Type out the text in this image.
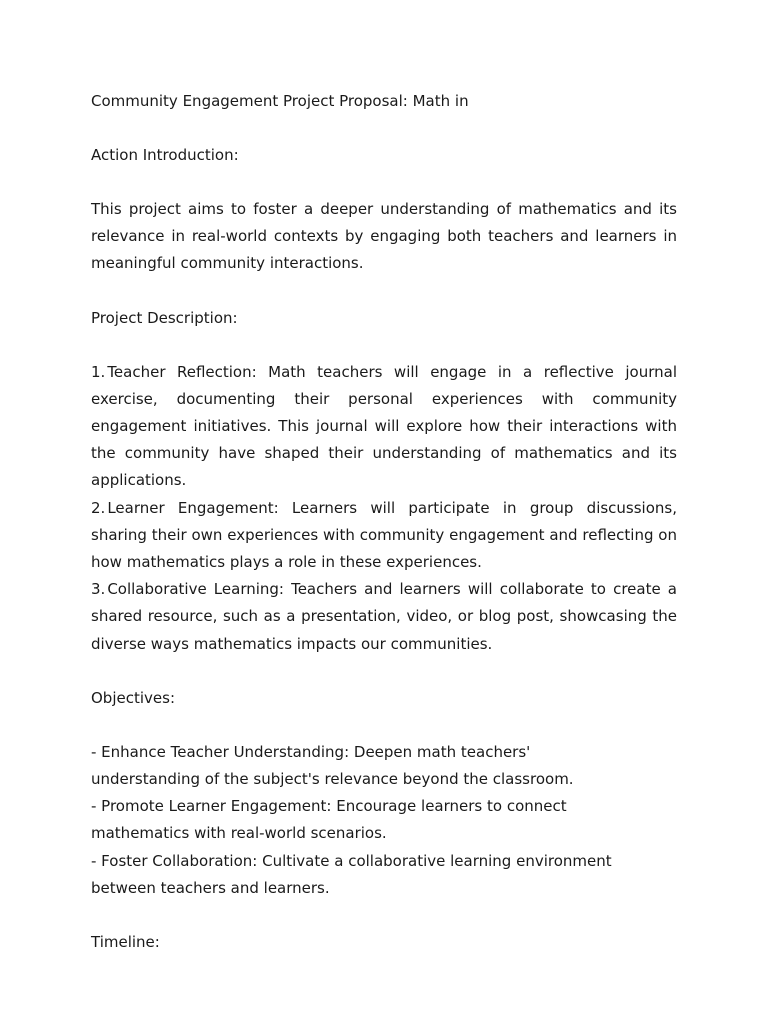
Community Engagement Project Proposal: Math in

Action Introduction:

This project aims to foster a deeper understanding of mathematics and its relevance in real-world contexts by engaging both teachers and learners in meaningful community interactions.

Project Description:

1. Teacher Reflection: Math teachers will engage in a reflective journal exercise, documenting their personal experiences with community engagement initiatives. This journal will explore how their interactions with the community have shaped their understanding of mathematics and its applications.

2. Learner Engagement: Learners will participate in group discussions, sharing their own experiences with community engagement and reflecting on how mathematics plays a role in these experiences.

3. Collaborative Learning: Teachers and learners will collaborate to create a shared resource, such as a presentation, video, or blog post, showcasing the diverse ways mathematics impacts our communities.

Objectives:

- Enhance Teacher Understanding: Deepen math teachers' understanding of the subject's relevance beyond the classroom.

- Promote Learner Engagement: Encourage learners to connect mathematics with real-world scenarios.

- Foster Collaboration: Cultivate a collaborative learning environment between teachers and learners.

Timeline:
